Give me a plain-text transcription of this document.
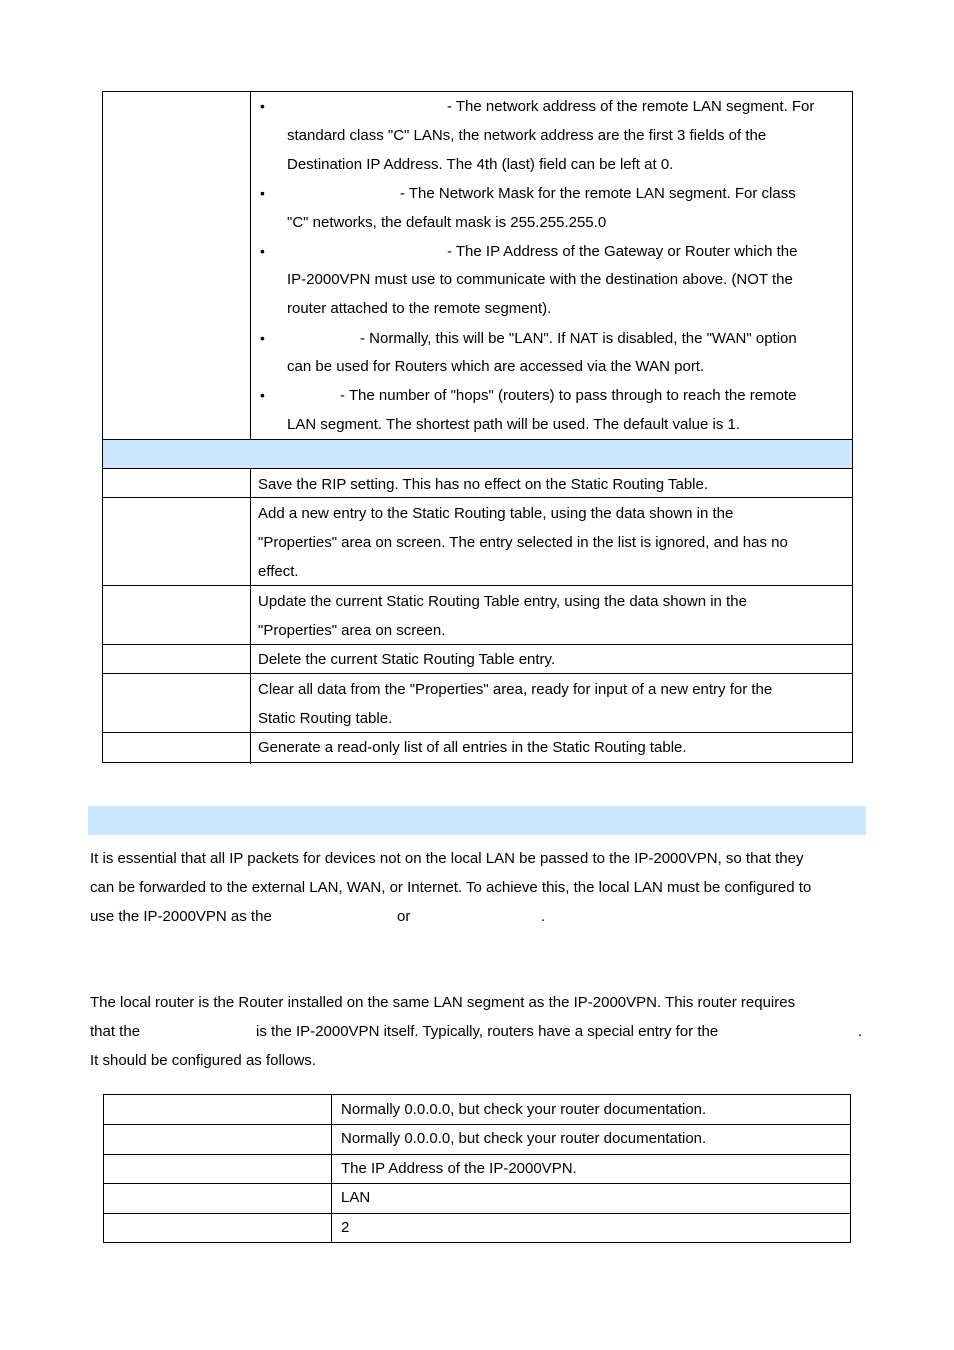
•	- The network address of the remote LAN segment. For
standard class "C" LANs, the network address are the first 3 fields of the
Destination IP Address. The 4th (last) field can be left at 0.
•	- The Network Mask for the remote LAN segment. For class
"C" networks, the default mask is 255.255.255.0
•	- The IP Address of the Gateway or Router which the
IP-2000VPN must use to communicate with the destination above. (NOT the
router attached to the remote segment).
•	- Normally, this will be "LAN". If NAT is disabled, the "WAN" option
can be used for Routers which are accessed via the WAN port.
•	- The number of "hops" (routers) to pass through to reach the remote
LAN segment. The shortest path will be used. The default value is 1.
Save the RIP setting. This has no effect on the Static Routing Table.
Add a new entry to the Static Routing table, using the data shown in the
"Properties" area on screen. The entry selected in the list is ignored, and has no
effect.
Update the current Static Routing Table entry, using the data shown in the
"Properties" area on screen.
Delete the current Static Routing Table entry.
Clear all data from the "Properties" area, ready for input of a new entry for the
Static Routing table.
Generate a read-only list of all entries in the Static Routing table.
It is essential that all IP packets for devices not on the local LAN be passed to the IP-2000VPN, so that they
can be forwarded to the external LAN, WAN, or Internet. To achieve this, the local LAN must be configured to
use the IP-2000VPN as the	or	.
The local router is the Router installed on the same LAN segment as the IP-2000VPN. This router requires
that the	is the IP-2000VPN itself. Typically, routers have a special entry for the	.
It should be configured as follows.
Normally 0.0.0.0, but check your router documentation.
Normally 0.0.0.0, but check your router documentation.
The IP Address of the IP-2000VPN.
LAN
2
